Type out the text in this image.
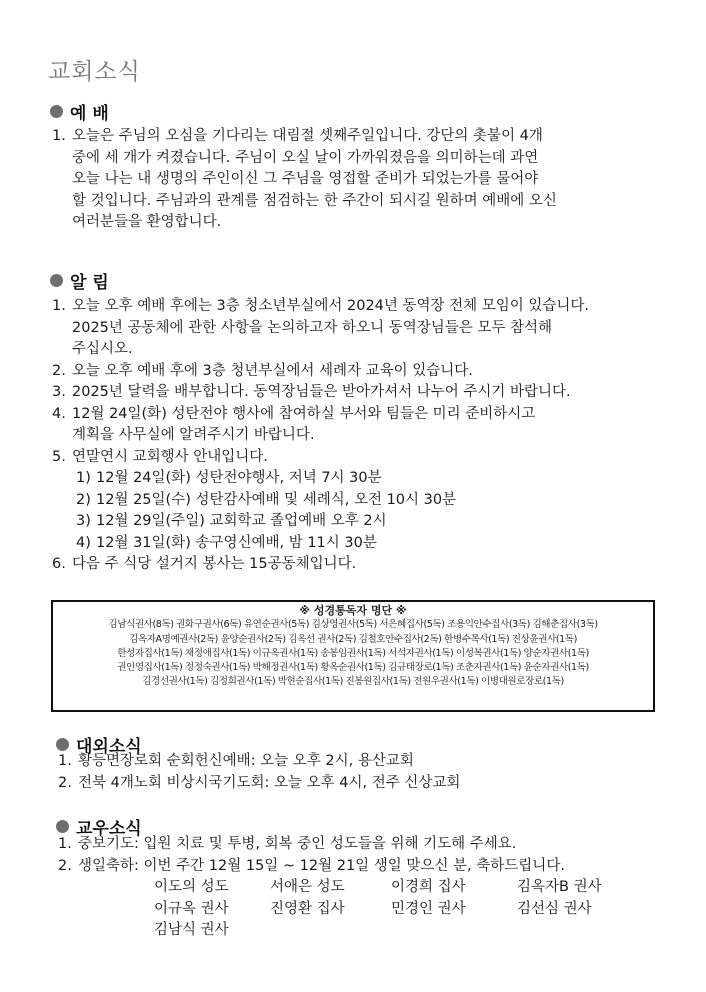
교회소식
예 배
1. 오늘은 주님의 오심을 기다리는 대림절 셋째주일입니다. 강단의 촛불이 4개
중에 세 개가 켜졌습니다. 주님이 오실 날이 가까워졌음을 의미하는데 과연
오늘 나는 내 생명의 주인이신 그 주님을 영접할 준비가 되었는가를 물어야
할 것입니다. 주님과의 관계를 점검하는 한 주간이 되시길 원하며 예배에 오신
여러분들을 환영합니다.
알 림
1. 오늘 오후 예배 후에는 3층 청소년부실에서 2024년 동역장 전체 모임이 있습니다.
2025년 공동체에 관한 사항을 논의하고자 하오니 동역장님들은 모두 참석해
주십시오.
2. 오늘 오후 예배 후에 3층 청년부실에서 세례자 교육이 있습니다.
3. 2025년 달력을 배부합니다. 동역장님들은 받아가셔서 나누어 주시기 바랍니다.
4. 12월 24일(화) 성탄전야 행사에 참여하실 부서와 팀들은 미리 준비하시고
계획을 사무실에 알려주시기 바랍니다.
5. 연말연시 교회행사 안내입니다.
1) 12월 24일(화) 성탄전야행사, 저녁 7시 30분
2) 12월 25일(수) 성탄감사예배 및 세례식, 오전 10시 30분
3) 12월 29일(주일) 교회학교 졸업예배 오후 2시
4) 12월 31일(화) 송구영신예배, 밤 11시 30분
6. 다음 주 식당 설거지 봉사는 15공동체입니다.
※ 성경통독자 명단 ※
김남식권사(8독) 권화구권사(6독) 유연순권사(5독) 김상영권사(5독) 서은혜집사(5독) 조용익안수집사(3독) 김해춘집사(3독)
김옥자A명예권사(2독) 윤양순권사(2독) 김옥선 권사(2독) 김철호안수집사(2독) 한병수목사(1독) 진상윤권사(1독)
한성자집사(1독) 채정애집사(1독) 이규옥권사(1독) 송봉임권사(1독) 서석자권사(1독) 이성복권사(1독) 양순자권사(1독)
권인영집사(1독) 정정숙권사(1독) 박해정권사(1독) 황옥순권사(1독) 김규태장로(1독) 조춘자권사(1독) 윤순자권사(1독)
김경선권사(1독) 김정희권사(1독) 박현순집사(1독) 진봉원집사(1독) 전원우권사(1독) 이병대원로장로(1독)
대외소식
1. 황등면장로회 순회헌신예배: 오늘 오후 2시, 용산교회
2. 전북 4개노회 비상시국기도회: 오늘 오후 4시, 전주 신상교회
교우소식
1. 중보기도:
입원 치료 및 투병, 회복 중인 성도들을 위해 기도해 주세요.
2. 생일축하:
이번 주간 12월 15일 ~ 12월 21일 생일 맞으신 분, 축하드립니다.
이도의 성도	서애은 성도	이경희 집사	김옥자B 권사
이규옥 권사	진영환 집사	민경인 권사	김선심 권사
김남식 권사
